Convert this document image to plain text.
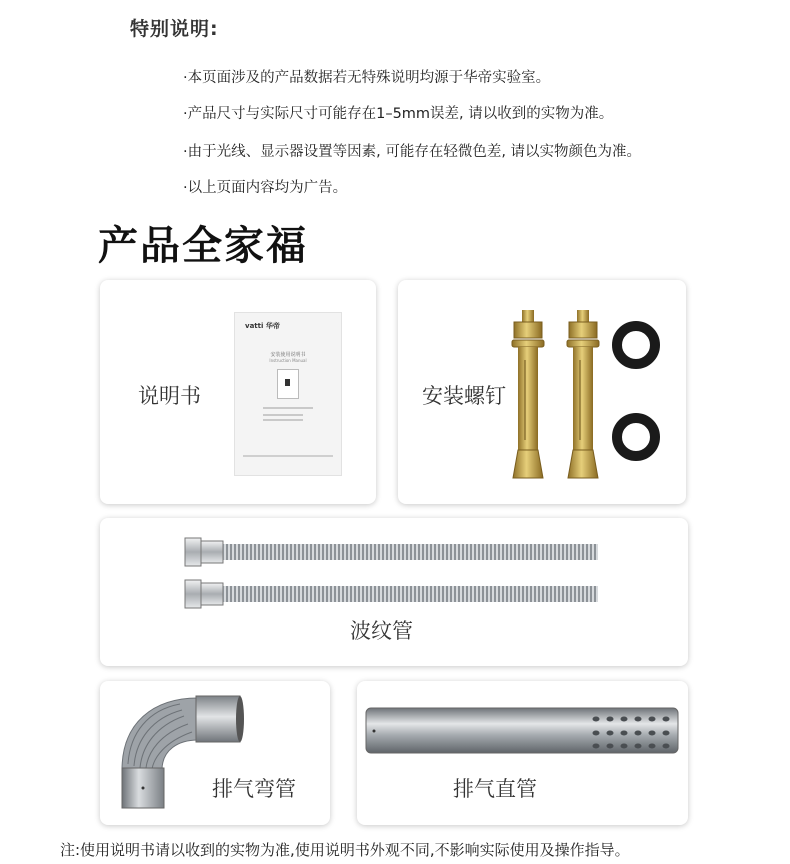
特别说明:
·本页面涉及的产品数据若无特殊说明均源于华帝实验室。
·产品尺寸与实际尺寸可能存在1–5mm误差, 请以收到的实物为准。
·由于光线、显示器设置等因素, 可能存在轻微色差, 请以实物颜色为准。
·以上页面内容均为广告。
产品全家福
说明书
vatti 华帝
安装使用说明书
Instruction Manual
安装螺钉
波纹管
排气弯管	排气直管
注:使用说明书请以收到的实物为准,使用说明书外观不同,不影响实际使用及操作指导。
